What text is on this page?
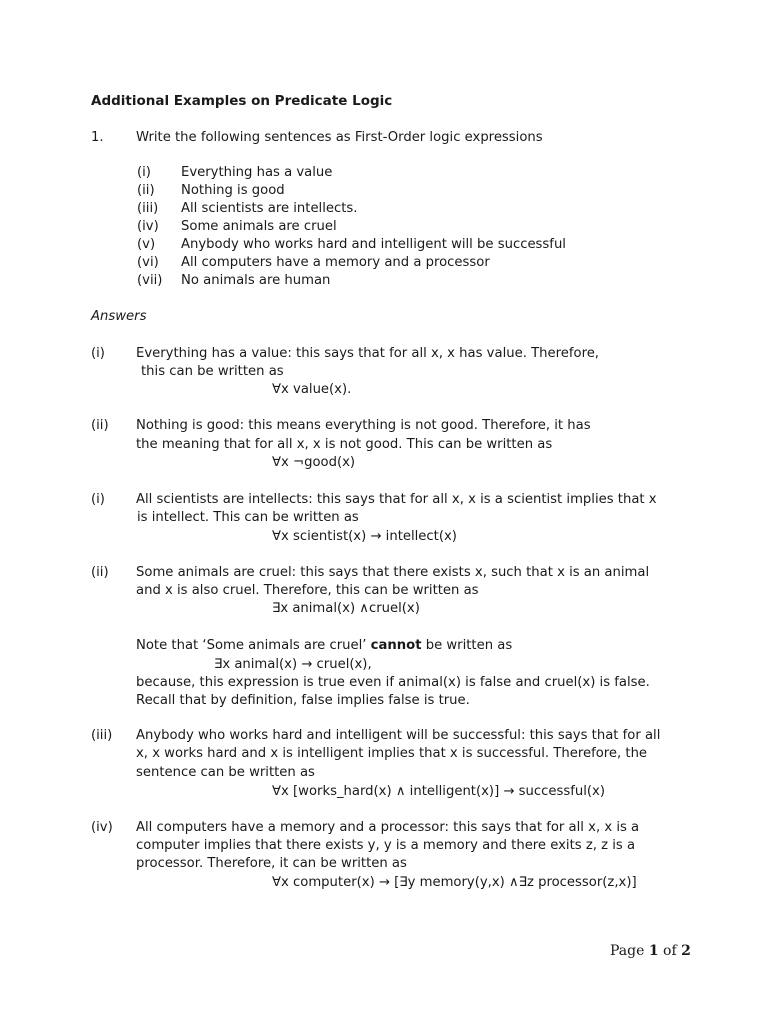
Additional Examples on Predicate Logic
1. Write the following sentences as First-Order logic expressions
(i) Everything has a value
(ii) Nothing is good
(iii) All scientists are intellects.
(iv) Some animals are cruel
(v) Anybody who works hard and intelligent will be successful
(vi) All computers have a memory and a processor
(vii) No animals are human
Answers
(i) Everything has a value: this says that for all x, x has value. Therefore,
this can be written as
∀x value(x).
(ii) Nothing is good: this means everything is not good. Therefore, it has
the meaning that for all x, x is not good. This can be written as
∀x ¬good(x)
(i) All scientists are intellects: this says that for all x, x is a scientist implies that x
is intellect. This can be written as
∀x scientist(x) → intellect(x)
(ii) Some animals are cruel: this says that there exists x, such that x is an animal
and x is also cruel. Therefore, this can be written as
∃x animal(x) ∧cruel(x)
Note that ‘Some animals are cruel’ cannot be written as
∃x animal(x) → cruel(x),
because, this expression is true even if animal(x) is false and cruel(x) is false.
Recall that by definition, false implies false is true.
(iii) Anybody who works hard and intelligent will be successful: this says that for all
x, x works hard and x is intelligent implies that x is successful. Therefore, the
sentence can be written as
∀x [works_hard(x) ∧ intelligent(x)] → successful(x)
(iv) All computers have a memory and a processor: this says that for all x, x is a
computer implies that there exists y, y is a memory and there exits z, z is a
processor. Therefore, it can be written as
∀x computer(x) → [∃y memory(y,x) ∧∃z processor(z,x)]
Page 1 of 2
